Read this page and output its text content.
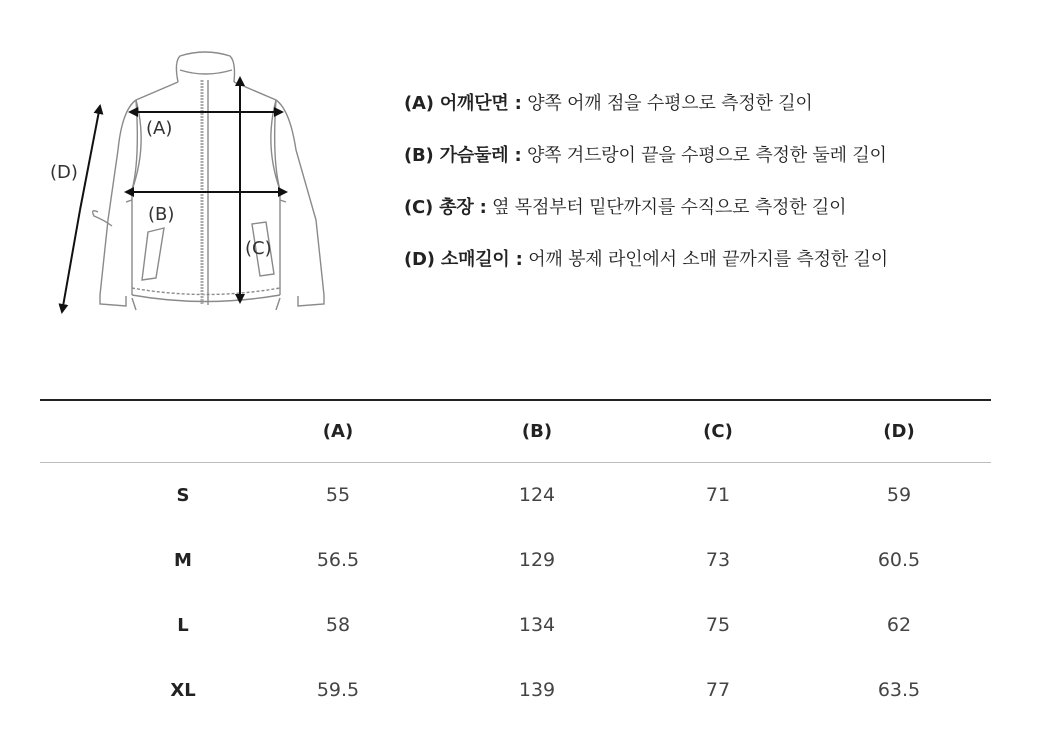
(A)
(B)
(C)
(D)
(A) 어깨단면 : 양쪽 어깨 점을 수평으로 측정한 길이
(B) 가슴둘레 : 양쪽 겨드랑이 끝을 수평으로 측정한 둘레 길이
(C) 총장 : 옆 목점부터 밑단까지를 수직으로 측정한 길이
(D) 소매길이 : 어깨 봉제 라인에서 소매 끝까지를 측정한 길이
(A)	(B)	(C)	(D)
S	55	124	71	59
M	56.5	129	73	60.5
L	58	134	75	62
XL	59.5	139	77	63.5
